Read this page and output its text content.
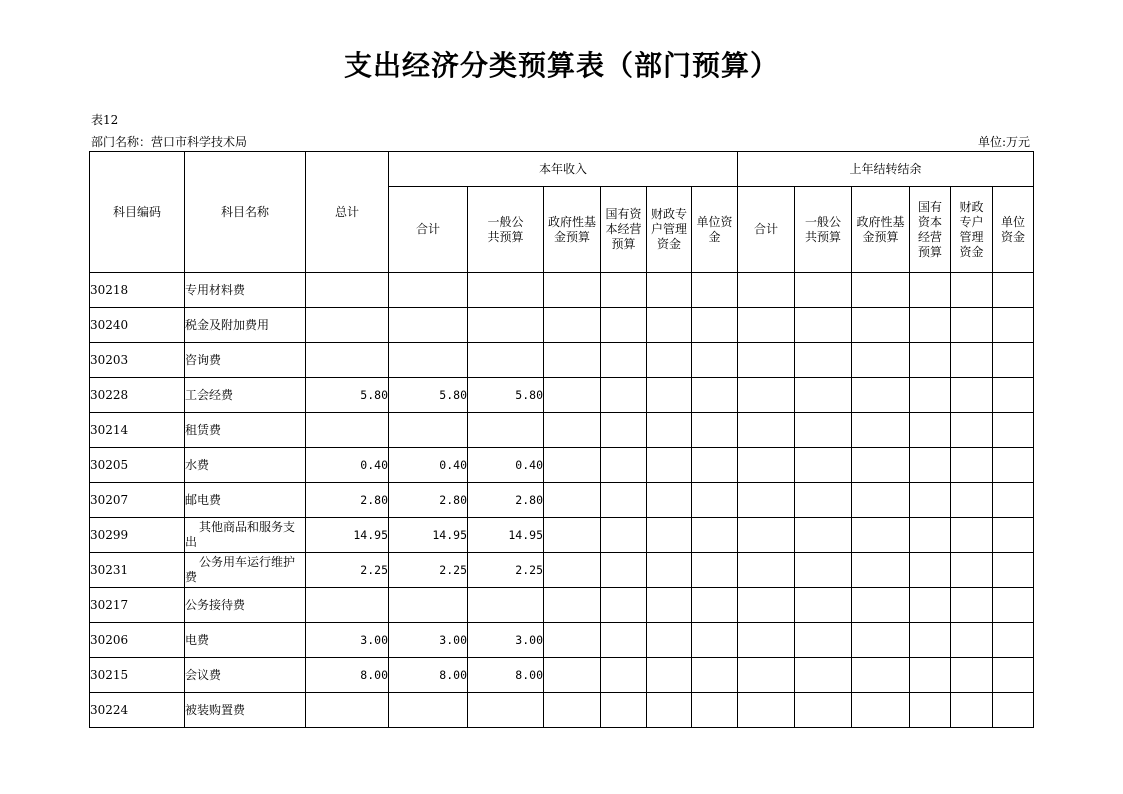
支出经济分类预算表（部门预算）
表12
部门名称：营口市科学技术局	单位:万元
科目编码	科目名称	总计	本年收入						上年结转结余					
			合计	一般公共预算	政府性基金预算	国有资本经营预算	财政专户管理资金	单位资金	合计	一般公共预算	政府性基金预算	国有资本经营预算	财政专户管理资金	单位资金
30218	专用材料费													
30240	税金及附加费用													
30203	咨询费													
30228	工会经费	5.80	5.80	5.80										
30214	租赁费													
30205	水费	0.40	0.40	0.40										
30207	邮电费	2.80	2.80	2.80										
30299	其他商品和服务支出	14.95	14.95	14.95										
30231	公务用车运行维护费	2.25	2.25	2.25										
30217	公务接待费													
30206	电费	3.00	3.00	3.00										
30215	会议费	8.00	8.00	8.00										
30224	被装购置费													
